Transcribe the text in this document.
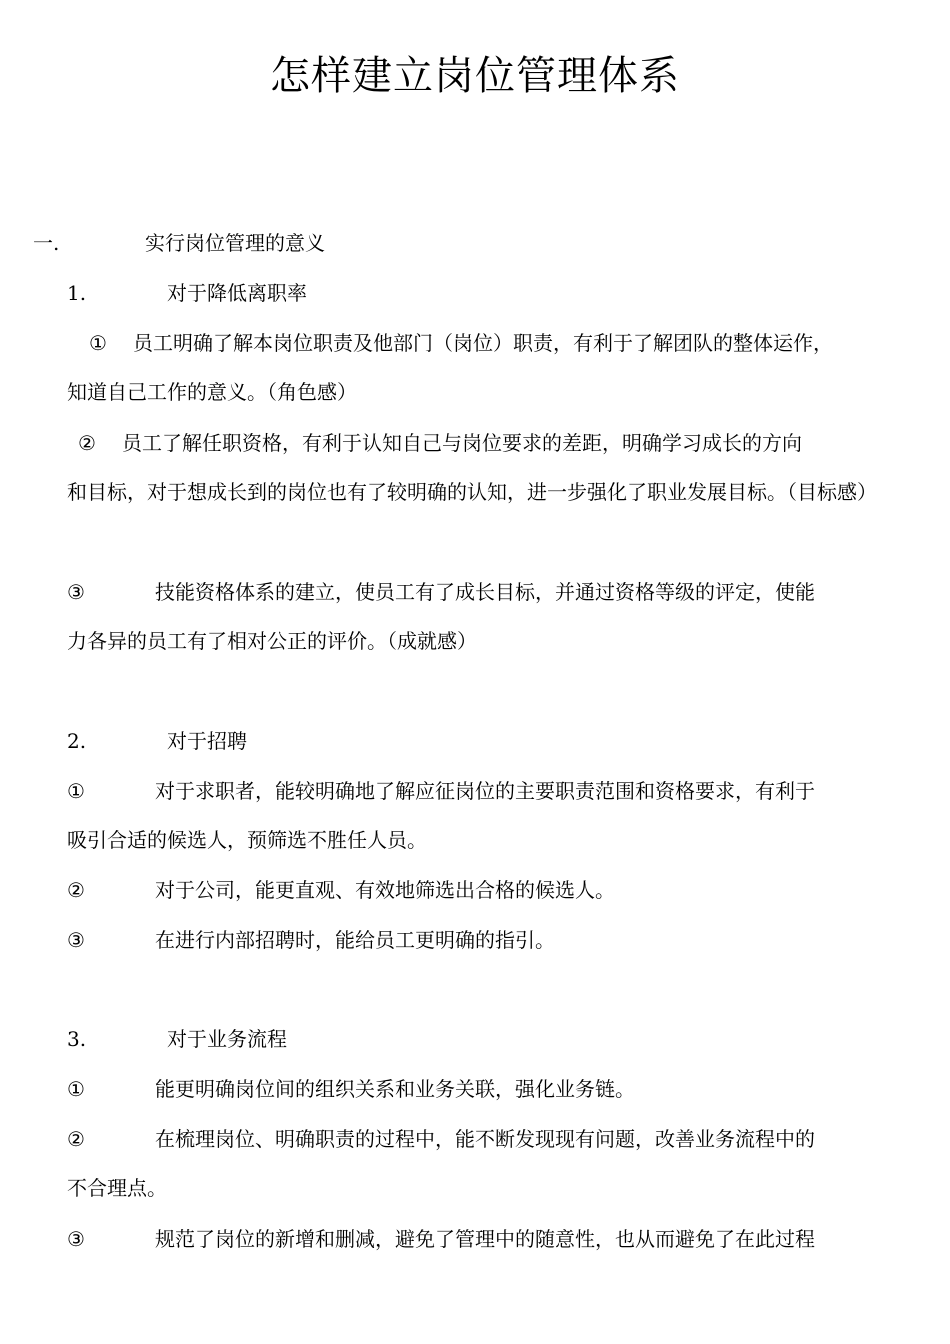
怎样建立岗位管理体系
一.	实行岗位管理的意义
1.	对于降低离职率
① 员工明确了解本岗位职责及他部门（岗位）职责，有利于了解团队的整体运作，
知道自己工作的意义。（角色感）
② 员工了解任职资格，有利于认知自己与岗位要求的差距，明确学习成长的方向
和目标，对于想成长到的岗位也有了较明确的认知，进一步强化了职业发展目标。（目标感）
③	技能资格体系的建立，使员工有了成长目标，并通过资格等级的评定，使能
力各异的员工有了相对公正的评价。（成就感）
2.	对于招聘
①	对于求职者，能较明确地了解应征岗位的主要职责范围和资格要求，有利于
吸引合适的候选人，预筛选不胜任人员。
②	对于公司，能更直观、有效地筛选出合格的候选人。
③	在进行内部招聘时，能给员工更明确的指引。
3.	对于业务流程
①	能更明确岗位间的组织关系和业务关联，强化业务链。
②	在梳理岗位、明确职责的过程中，能不断发现现有问题，改善业务流程中的
不合理点。
③	规范了岗位的新增和删减，避免了管理中的随意性，也从而避免了在此过程
